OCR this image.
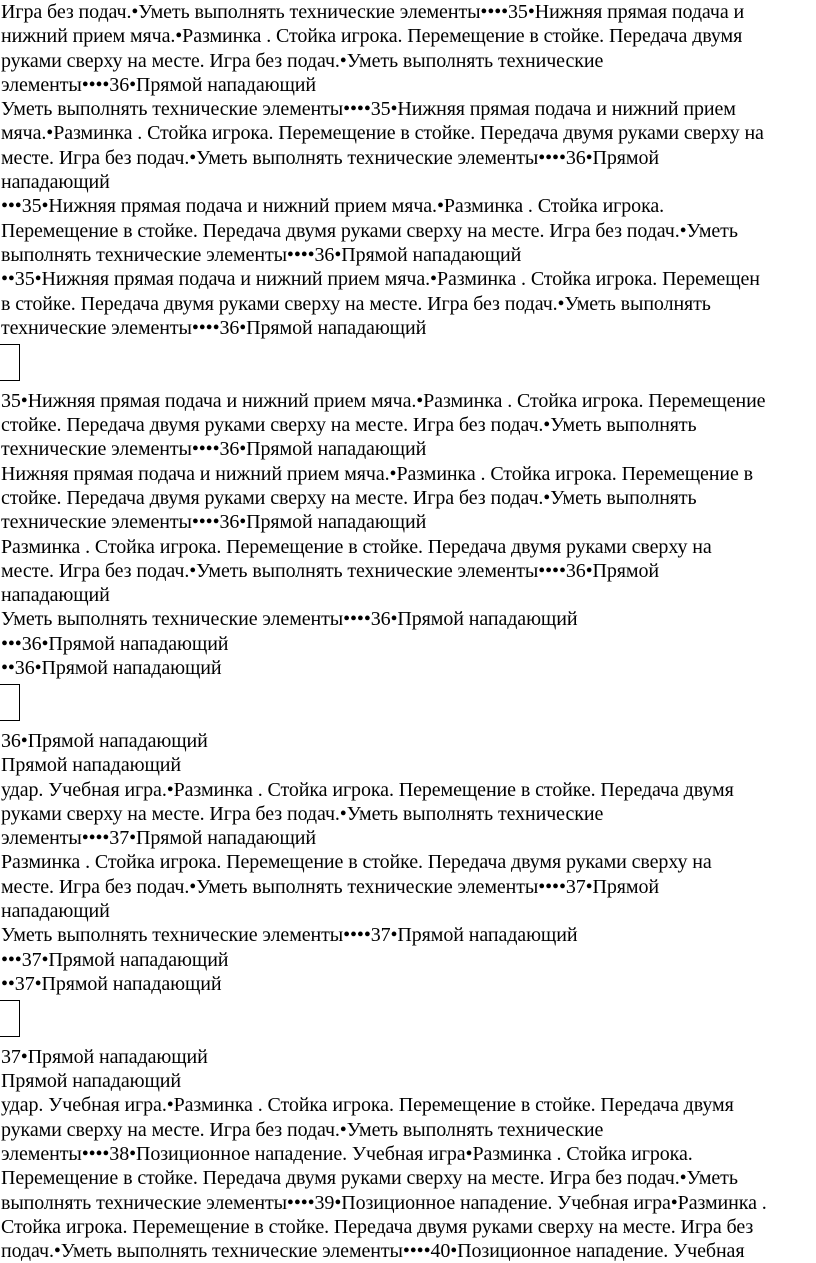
Игра без подач.•Уметь выполнять технические элементы••••35•Нижняя прямая подача и
нижний прием мяча.•Разминка . Стойка игрока. Перемещение в стойке. Передача двумя
руками сверху на месте. Игра без подач.•Уметь выполнять технические
элементы••••36•Прямой нападающий
Уметь выполнять технические элементы••••35•Нижняя прямая подача и нижний прием
мяча.•Разминка . Стойка игрока. Перемещение в стойке. Передача двумя руками сверху на
месте. Игра без подач.•Уметь выполнять технические элементы••••36•Прямой
нападающий
•••35•Нижняя прямая подача и нижний прием мяча.•Разминка . Стойка игрока.
Перемещение в стойке. Передача двумя руками сверху на месте. Игра без подач.•Уметь
выполнять технические элементы••••36•Прямой нападающий
••35•Нижняя прямая подача и нижний прием мяча.•Разминка . Стойка игрока. Перемещен
в стойке. Передача двумя руками сверху на месте. Игра без подач.•Уметь выполнять
технические элементы••••36•Прямой нападающий
35•Нижняя прямая подача и нижний прием мяча.•Разминка . Стойка игрока. Перемещение
стойке. Передача двумя руками сверху на месте. Игра без подач.•Уметь выполнять
технические элементы••••36•Прямой нападающий
Нижняя прямая подача и нижний прием мяча.•Разминка . Стойка игрока. Перемещение в
стойке. Передача двумя руками сверху на месте. Игра без подач.•Уметь выполнять
технические элементы••••36•Прямой нападающий
Разминка . Стойка игрока. Перемещение в стойке. Передача двумя руками сверху на
месте. Игра без подач.•Уметь выполнять технические элементы••••36•Прямой
нападающий
Уметь выполнять технические элементы••••36•Прямой нападающий
•••36•Прямой нападающий
••36•Прямой нападающий
36•Прямой нападающий
Прямой нападающий
удар. Учебная игра.•Разминка . Стойка игрока. Перемещение в стойке. Передача двумя
руками сверху на месте. Игра без подач.•Уметь выполнять технические
элементы••••37•Прямой нападающий
Разминка . Стойка игрока. Перемещение в стойке. Передача двумя руками сверху на
месте. Игра без подач.•Уметь выполнять технические элементы••••37•Прямой
нападающий
Уметь выполнять технические элементы••••37•Прямой нападающий
•••37•Прямой нападающий
••37•Прямой нападающий
37•Прямой нападающий
Прямой нападающий
удар. Учебная игра.•Разминка . Стойка игрока. Перемещение в стойке. Передача двумя
руками сверху на месте. Игра без подач.•Уметь выполнять технические
элементы••••38•Позиционное нападение. Учебная игра•Разминка . Стойка игрока.
Перемещение в стойке. Передача двумя руками сверху на месте. Игра без подач.•Уметь
выполнять технические элементы••••39•Позиционное нападение. Учебная игра•Разминка .
Стойка игрока. Перемещение в стойке. Передача двумя руками сверху на месте. Игра без
подач.•Уметь выполнять технические элементы••••40•Позиционное нападение. Учебная
